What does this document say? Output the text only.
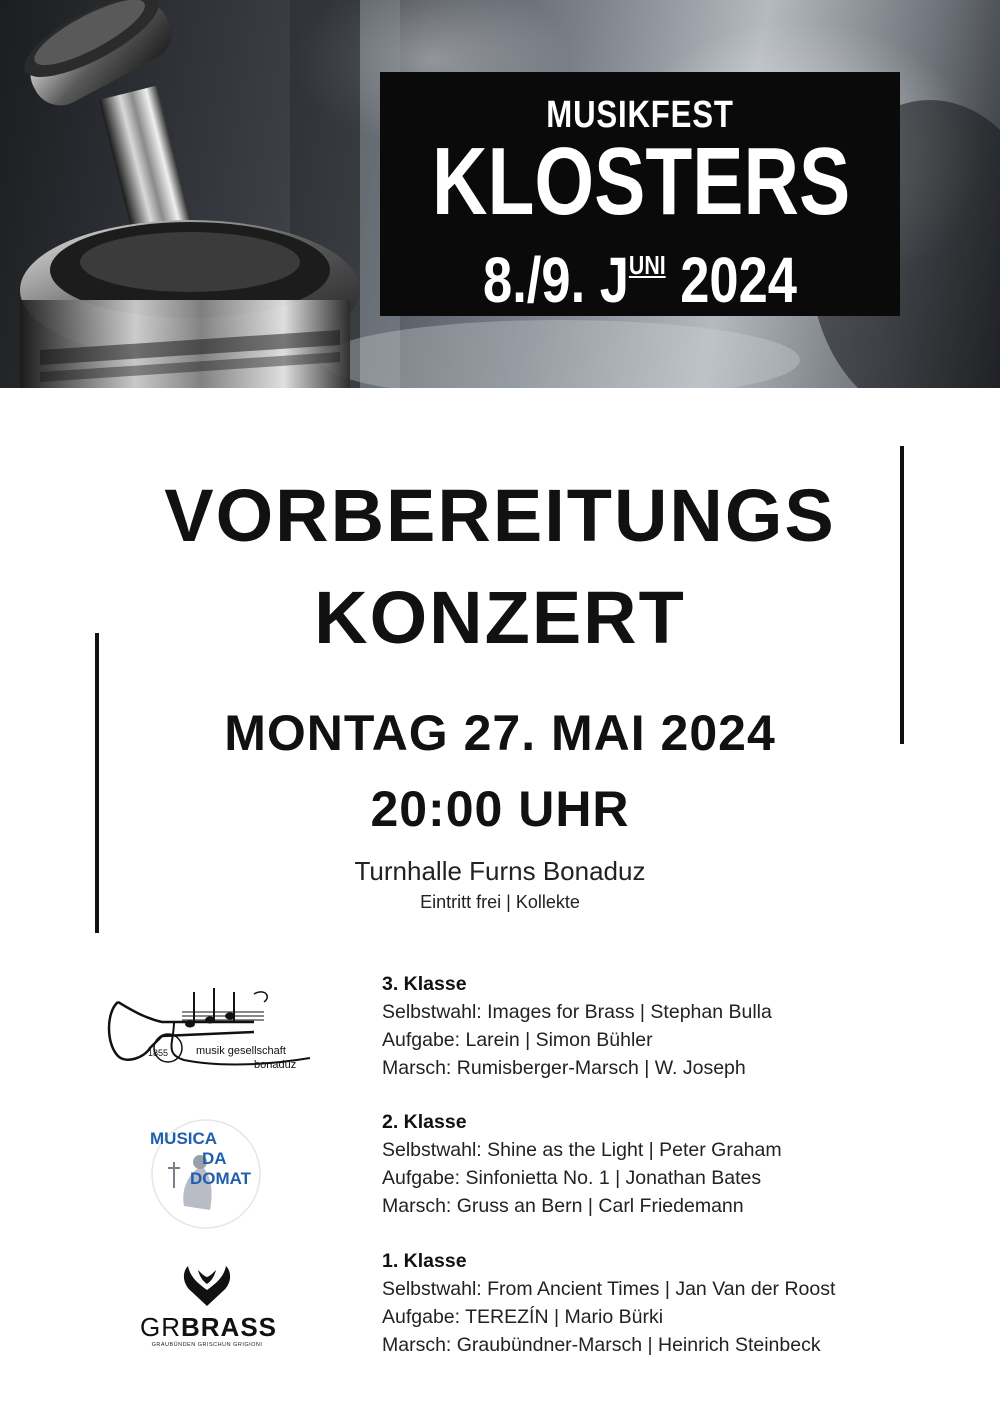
MUSIKFEST
KLOSTERS
8./9. $J^{UNI}$ 2024
VORBEREITUNGS
KONZERT
MONTAG 27. MAI 2024
20:00 UHR
Turnhalle Furns Bonaduz
Eintritt frei | Kollekte
3. Klasse
Selbstwahl: Images for Brass | Stephan Bulla
Aufgabe: Larein | Simon Bühler
Marsch: Rumisberger-Marsch | W. Joseph
2. Klasse
Selbstwahl: Shine as the Light | Peter Graham
Aufgabe: Sinfonietta No. 1 | Jonathan Bates
Marsch: Gruss an Bern | Carl Friedemann
1. Klasse
Selbstwahl: From Ancient Times | Jan Van der Roost
Aufgabe: TEREZÍN | Mario Bürki
Marsch: Graubündner-Marsch | Heinrich Steinbeck
1855	musik gesellschaft
bonaduz
MUSICA
DA
DOMAT
GRBRASS
GRAUBÜNDEN GRISCHUN GRIGIONI
